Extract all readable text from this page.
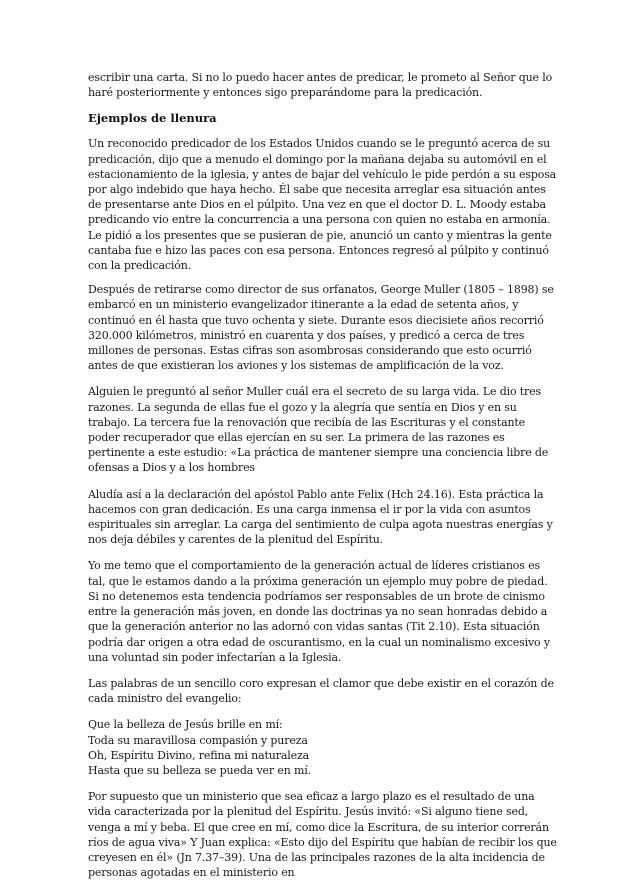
escribir una carta. Si no lo puedo hacer antes de predicar, le prometo al Señor que lo haré posteriormente y entonces sigo preparándome para la predicación.

Ejemplos de llenura

Un reconocido predicador de los Estados Unidos cuando se le preguntó acerca de su predicación, dijo que a menudo el domingo por la mañana dejaba su automóvil en el estacionamiento de la iglesia, y antes de bajar del vehículo le pide perdón a su esposa por algo indebido que haya hecho. Él sabe que necesita arreglar esa situación antes de presentarse ante Dios en el púlpito. Una vez en que el doctor D. L. Moody estaba predicando vio entre la concurrencia a una persona con quien no estaba en armonía. Le pidió a los presentes que se pusieran de pie, anunció un canto y mientras la gente cantaba fue e hizo las paces con esa persona. Entonces regresó al púlpito y continuó con la predicación.

Después de retirarse como director de sus orfanatos, George Muller (1805 – 1898) se embarcó en un ministerio evangelizador itinerante a la edad de setenta años, y continuó en él hasta que tuvo ochenta y siete. Durante esos diecisiete años recorrió 320.000 kilómetros, ministró en cuarenta y dos países, y predicó a cerca de tres millones de personas. Estas cifras son asombrosas considerando que esto ocurrió antes de que existieran los aviones y los sistemas de amplificación de la voz.

Alguien le preguntó al señor Muller cuál era el secreto de su larga vida. Le dio tres razones. La segunda de ellas fue el gozo y la alegría que sentía en Dios y en su trabajo. La tercera fue la renovación que recibía de las Escrituras y el constante poder recuperador que ellas ejercían en su ser. La primera de las razones es pertinente a este estudio: «La práctica de mantener siempre una conciencia libre de ofensas a Dios y a los hombres

Aludía así a la declaración del apóstol Pablo ante Felix (Hch 24.16). Esta práctica la hacemos con gran dedicación. Es una carga inmensa el ir por la vida con asuntos espirituales sin arreglar. La carga del sentimiento de culpa agota nuestras energías y nos deja débiles y carentes de la plenitud del Espíritu.

Yo me temo que el comportamiento de la generación actual de líderes cristianos es tal, que le estamos dando a la próxima generación un ejemplo muy pobre de piedad. Si no detenemos esta tendencia podríamos ser responsables de un brote de cinismo entre la generación más joven, en donde las doctrinas ya no sean honradas debido a que la generación anterior no las adornó con vidas santas (Tit 2.10). Esta situación podría dar origen a otra edad de oscurantismo, en la cual un nominalismo excesivo y una voluntad sin poder infectarían a la Iglesia.

Las palabras de un sencillo coro expresan el clamor que debe existir en el corazón de cada ministro del evangelio:

Que la belleza de Jesús brille en mí:

Toda su maravillosa compasión y pureza

Oh, Espíritu Divino, refina mi naturaleza

Hasta que su belleza se pueda ver en mí.

Por supuesto que un ministerio que sea eficaz a largo plazo es el resultado de una vida caracterizada por la plenitud del Espíritu. Jesús invitó: «Si alguno tiene sed, venga a mí y beba. El que cree en mí, como dice la Escritura, de su interior correrán ríos de agua viva» Y Juan explica: «Esto dijo del Espíritu que habían de recibir los que creyesen en él» (Jn 7.37–39). Una de las principales razones de la alta incidencia de personas agotadas en el ministerio en
